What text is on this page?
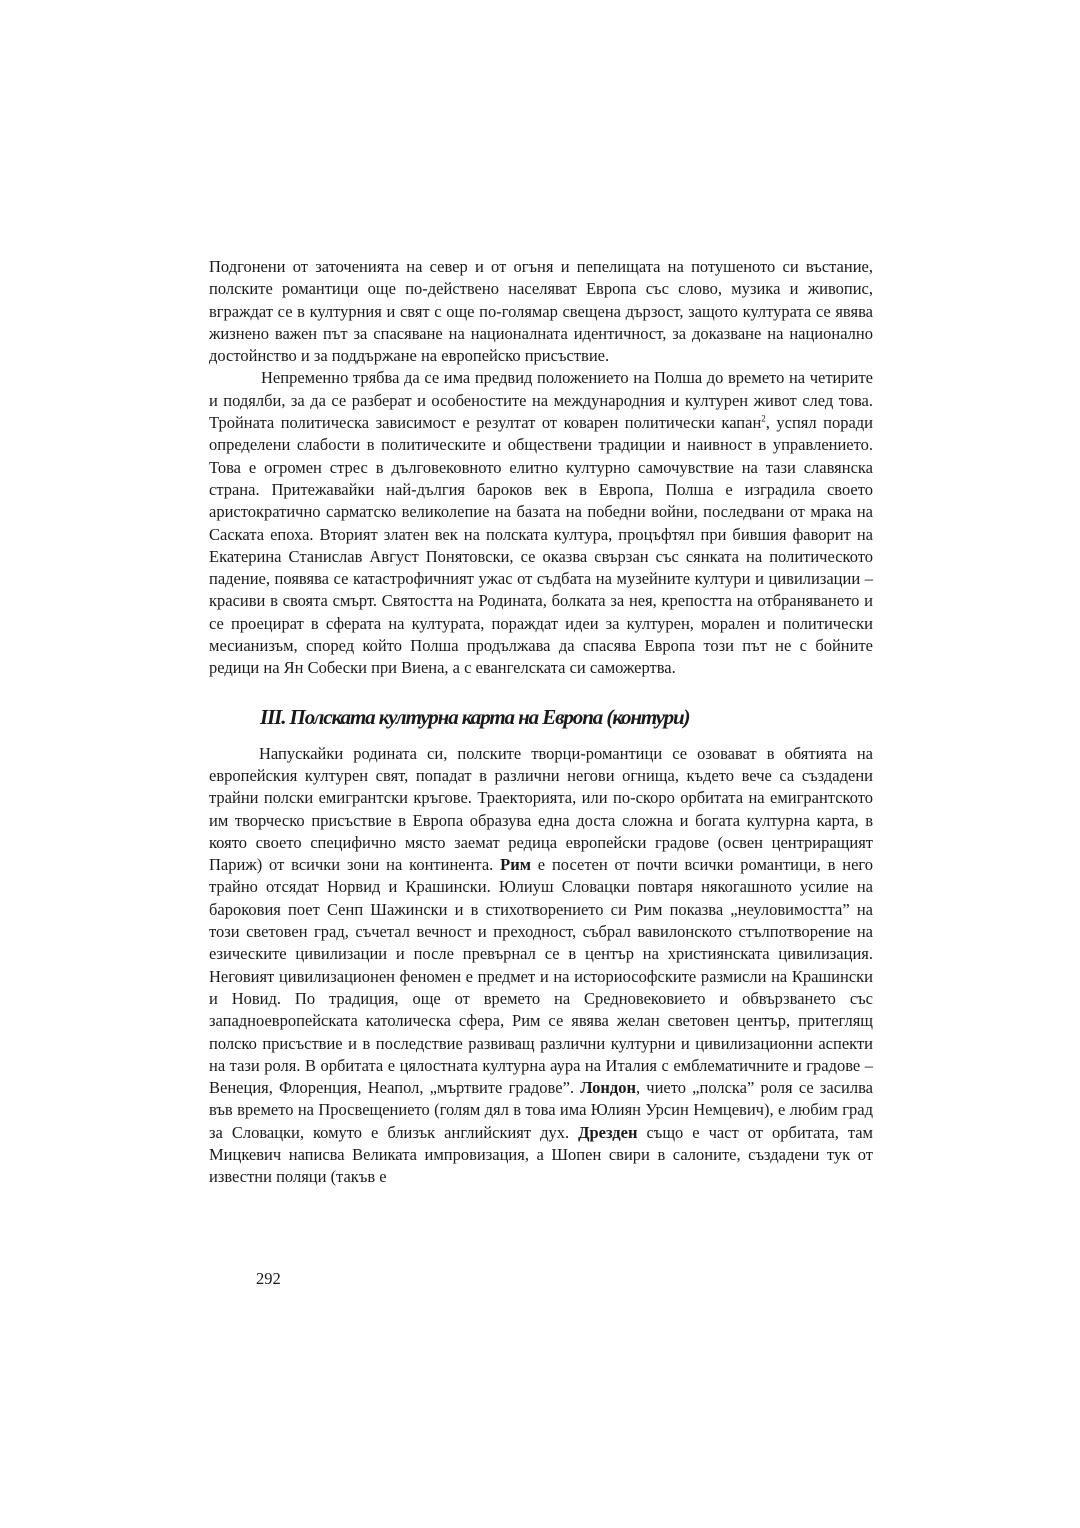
Подгонени от заточенията на север и от огъня и пепелищата на потушеното си въстание, полските романтици още по-действено населяват Европа със слово, музика и живопис, вграждат се в културния и свят с още по-голямар свещена дързост, защото културата се явява жизнено важен път за спасяване на националната идентичност, за доказване на национално достойнство и за поддържане на европейско присъствие.

Непременно трябва да се има предвид положението на Полша до времето на четирите и подялби, за да се разберат и особеностите на международния и културен живот след това. Тройната политическа зависимост е резултат от коварен политически капан$^2$, успял поради определени слабости в политическите и обществени традиции и наивност в управлението. Това е огромен стрес в дълговековното елитно културно самочувствие на тази славянска страна. Притежавайки най-дългия бароков век в Европа, Полша е изградила своето аристократично сарматско великолепие на базата на победни войни, последвани от мрака на Саската епоха. Вторият златен век на полската култура, процъфтял при бившия фаворит на Екатерина Станислав Август Понятовски, се оказва свързан със сянката на политическото падение, появява се катастрофичният ужас от съдбата на музейните култури и цивилизации – красиви в своята смърт. Святостта на Родината, болката за нея, крепостта на отбраняването и се проецират в сферата на културата, пораждат идеи за културен, морален и политически месианизъм, според който Полша продължава да спасява Европа този път не с бойните редици на Ян Собески при Виена, а с евангелската си саможертва.

III. Полската културна карта на Европа (контури)

Напускайки родината си, полските творци-романтици се озовават в обятията на европейския културен свят, попадат в различни негови огнища, където вече са създадени трайни полски емигрантски кръгове. Траекторията, или по-скоро орбитата на емигрантското им творческо присъствие в Европа образува една доста сложна и богата културна карта, в която своето специфично място заемат редица европейски градове (освен центриращият Париж) от всички зони на континента. Рим е посетен от почти всички романтици, в него трайно отсядат Норвид и Крашински. Юлиуш Словацки повтаря някогашното усилие на бароковия поет Сенп Шажински и в стихотворението си Рим показва „неуловимостта” на този световен град, съчетал вечност и преходност, събрал вавилонското стълпотворение на езическите цивилизации и после превърнал се в център на християнската цивилизация. Неговият цивилизационен феномен е предмет и на историософските размисли на Крашински и Новид. По традиция, още от времето на Средновековието и обвързването със западноевропейската католическа сфера, Рим се явява желан световен център, притеглящ полско присъствие и в последствие развиващ различни културни и цивилизационни аспекти на тази роля. В орбитата е цялостната културна аура на Италия с емблематичните и градове – Венеция, Флоренция, Неапол, „мъртвите градове”. Лондон, чието „полска” роля се засилва във времето на Просвещението (голям дял в това има Юлиян Урсин Немцевич), е любим град за Словацки, комуто е близък английският дух. Дрезден също е част от орбитата, там Мицкевич написва Великата импровизация, а Шопен свири в салоните, създадени тук от известни поляци (такъв е

292
